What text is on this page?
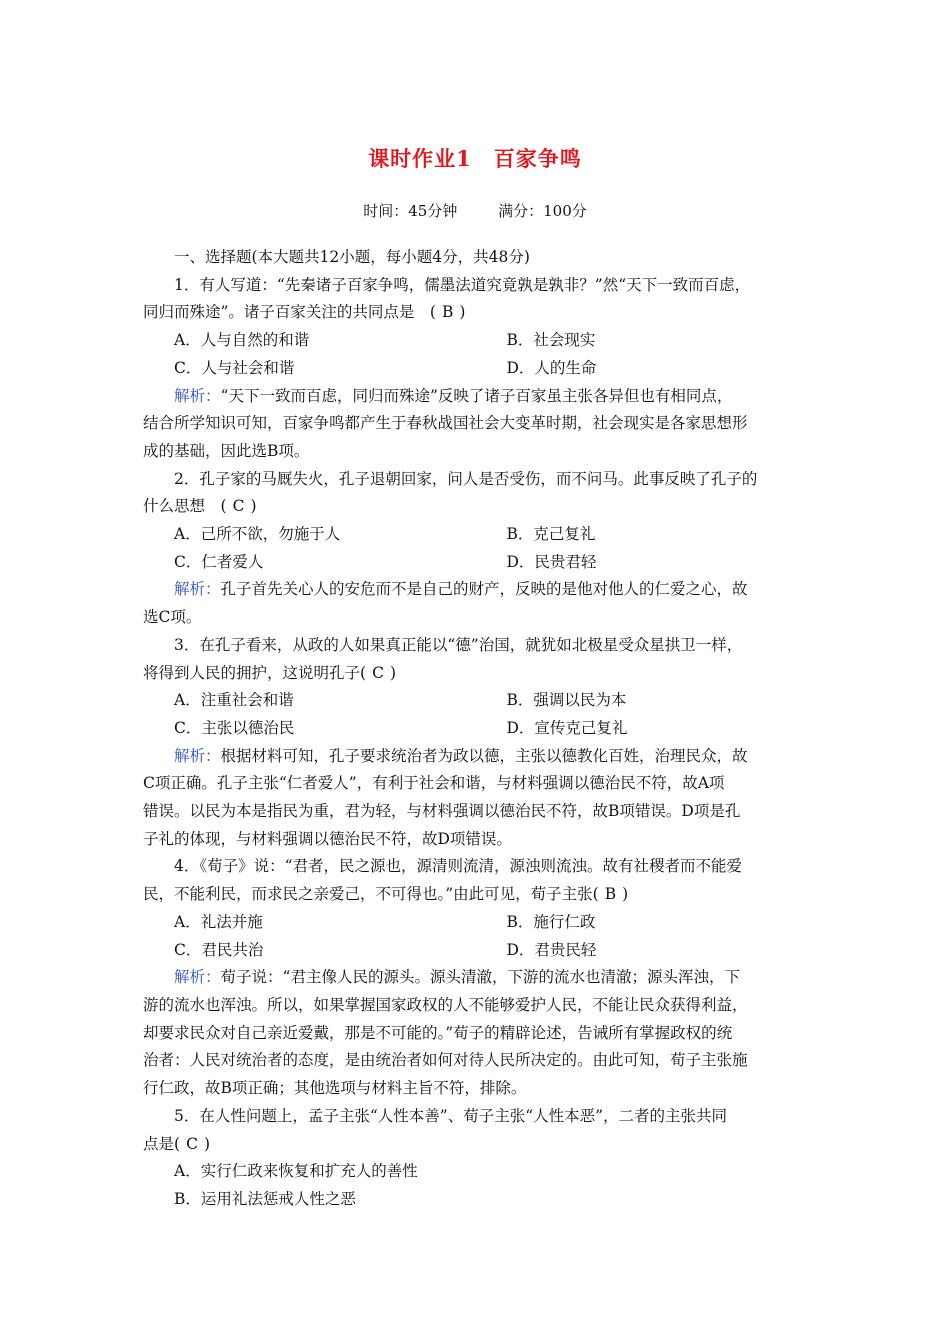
课时作业1　百家争鸣
时间：45分钟	满分：100分
一、选择题(本大题共12小题，每小题4分，共48分)
1．有人写道：“先秦诸子百家争鸣，儒墨法道究竟孰是孰非？”然“天下一致而百虑，
同归而殊途”。诸子百家关注的共同点是　( B )
A．人与自然的和谐	B．社会现实
C．人与社会和谐	D．人的生命
解析：“天下一致而百虑，同归而殊途”反映了诸子百家虽主张各异但也有相同点，
结合所学知识可知，百家争鸣都产生于春秋战国社会大变革时期，社会现实是各家思想形
成的基础，因此选B项。
2．孔子家的马厩失火，孔子退朝回家，问人是否受伤，而不问马。此事反映了孔子的
什么思想　( C )
A．己所不欲，勿施于人	B．克己复礼
C．仁者爱人	D．民贵君轻
解析：孔子首先关心人的安危而不是自己的财产，反映的是他对他人的仁爱之心，故
选C项。
3．在孔子看来，从政的人如果真正能以“德”治国，就犹如北极星受众星拱卫一样，
将得到人民的拥护，这说明孔子( C )
A．注重社会和谐	B．强调以民为本
C．主张以德治民	D．宣传克己复礼
解析：根据材料可知，孔子要求统治者为政以德，主张以德教化百姓，治理民众，故
C项正确。孔子主张“仁者爱人”，有利于社会和谐，与材料强调以德治民不符，故A项
错误。以民为本是指民为重，君为轻，与材料强调以德治民不符，故B项错误。D项是孔
子礼的体现，与材料强调以德治民不符，故D项错误。
4．《荀子》说：“君者，民之源也，源清则流清，源浊则流浊。故有社稷者而不能爱
民，不能利民，而求民之亲爱己，不可得也。”由此可见，荀子主张( B )
A．礼法并施	B．施行仁政
C．君民共治	D．君贵民轻
解析：荀子说：“君主像人民的源头。源头清澈，下游的流水也清澈；源头浑浊，下
游的流水也浑浊。所以，如果掌握国家政权的人不能够爱护人民，不能让民众获得利益，
却要求民众对自己亲近爱戴，那是不可能的。”荀子的精辟论述，告诫所有掌握政权的统
治者：人民对统治者的态度，是由统治者如何对待人民所决定的。由此可知，荀子主张施
行仁政，故B项正确；其他选项与材料主旨不符，排除。
5．在人性问题上，孟子主张“人性本善”、荀子主张“人性本恶”，二者的主张共同
点是( C )
A．实行仁政来恢复和扩充人的善性
B．运用礼法惩戒人性之恶
